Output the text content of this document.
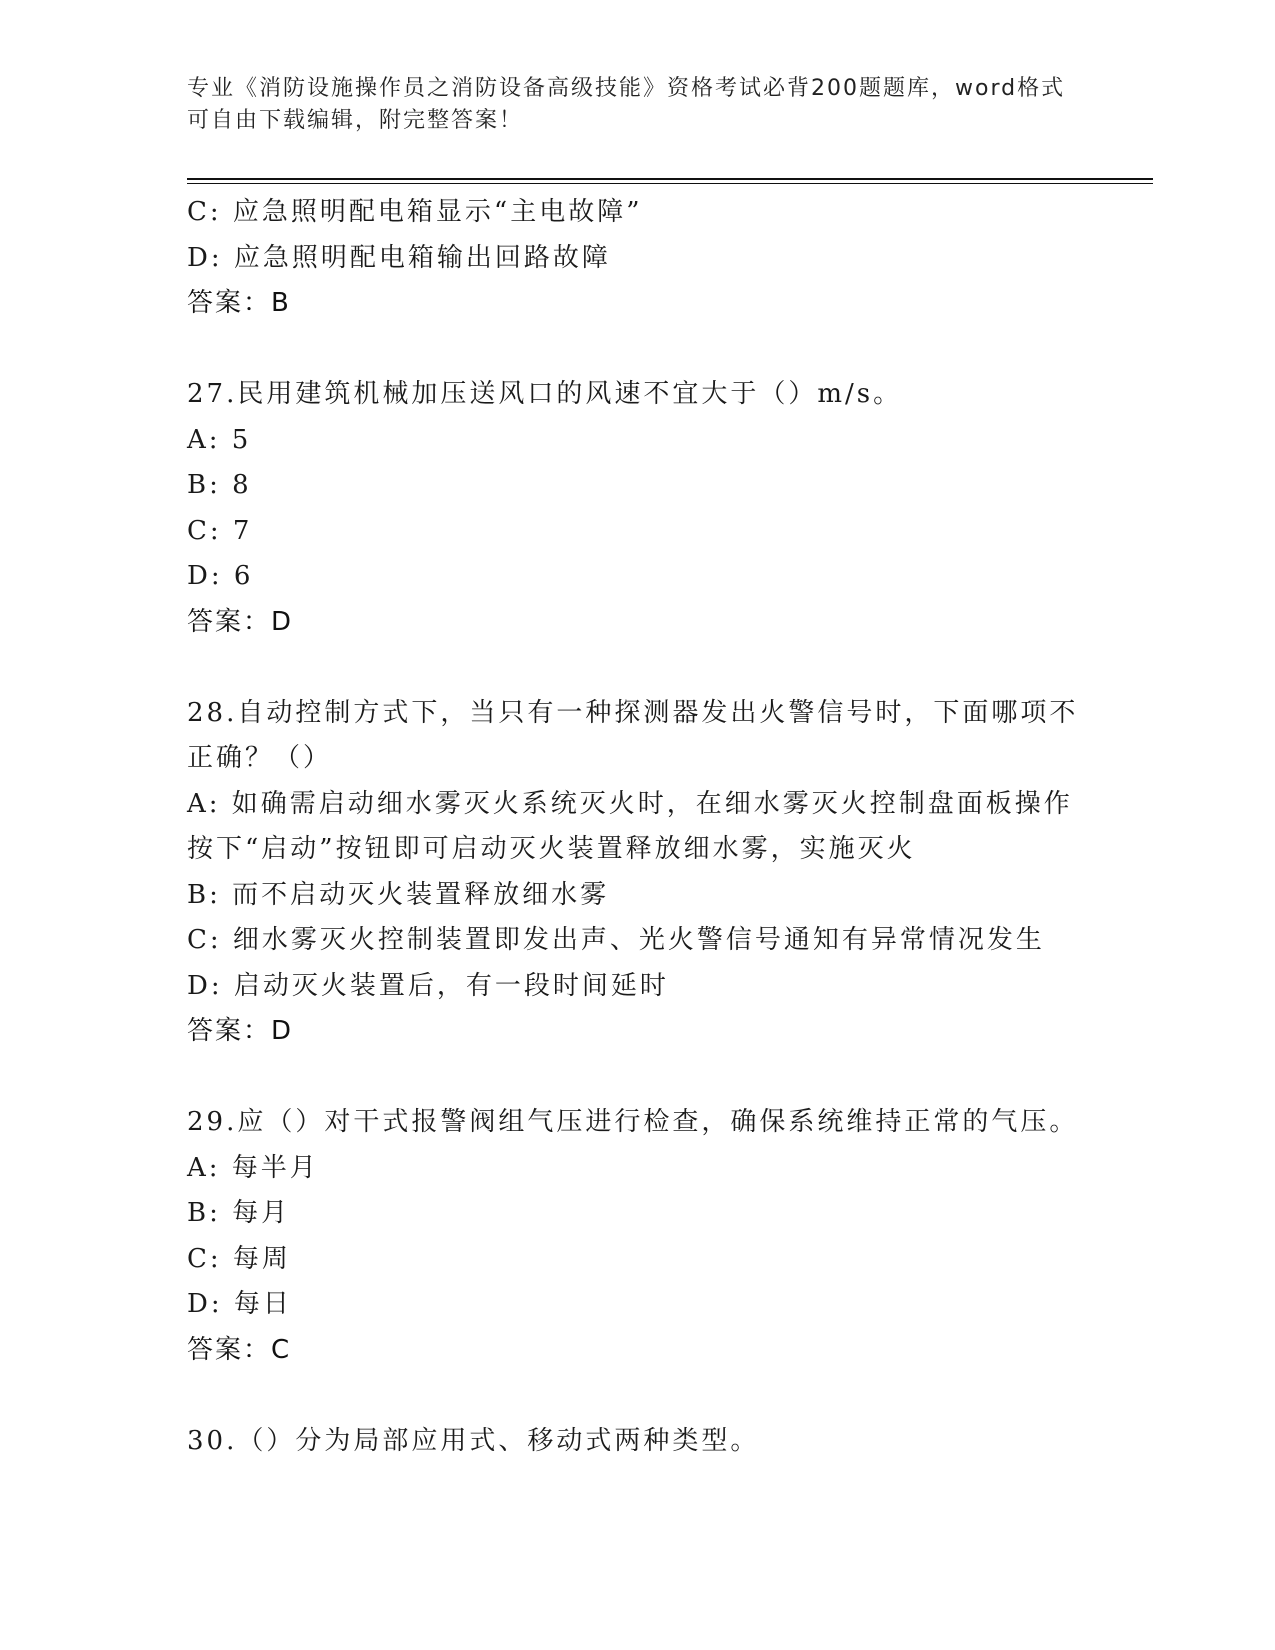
专业《消防设施操作员之消防设备高级技能》资格考试必背200题题库，word格式可自由下载编辑，附完整答案！
C: 应急照明配电箱显示“主电故障”
D: 应急照明配电箱输出回路故障
答案：B
27.民用建筑机械加压送风口的风速不宜大于（）m/s。
A: 5
B: 8
C: 7
D: 6
答案：D
28.自动控制方式下，当只有一种探测器发出火警信号时，下面哪项不正确？（）
A: 如确需启动细水雾灭火系统灭火时，在细水雾灭火控制盘面板操作按下“启动”按钮即可启动灭火装置释放细水雾，实施灭火
B: 而不启动灭火装置释放细水雾
C: 细水雾灭火控制装置即发出声、光火警信号通知有异常情况发生
D: 启动灭火装置后，有一段时间延时
答案：D
29.应（）对干式报警阀组气压进行检查，确保系统维持正常的气压。
A: 每半月
B: 每月
C: 每周
D: 每日
答案：C
30.（）分为局部应用式、移动式两种类型。
